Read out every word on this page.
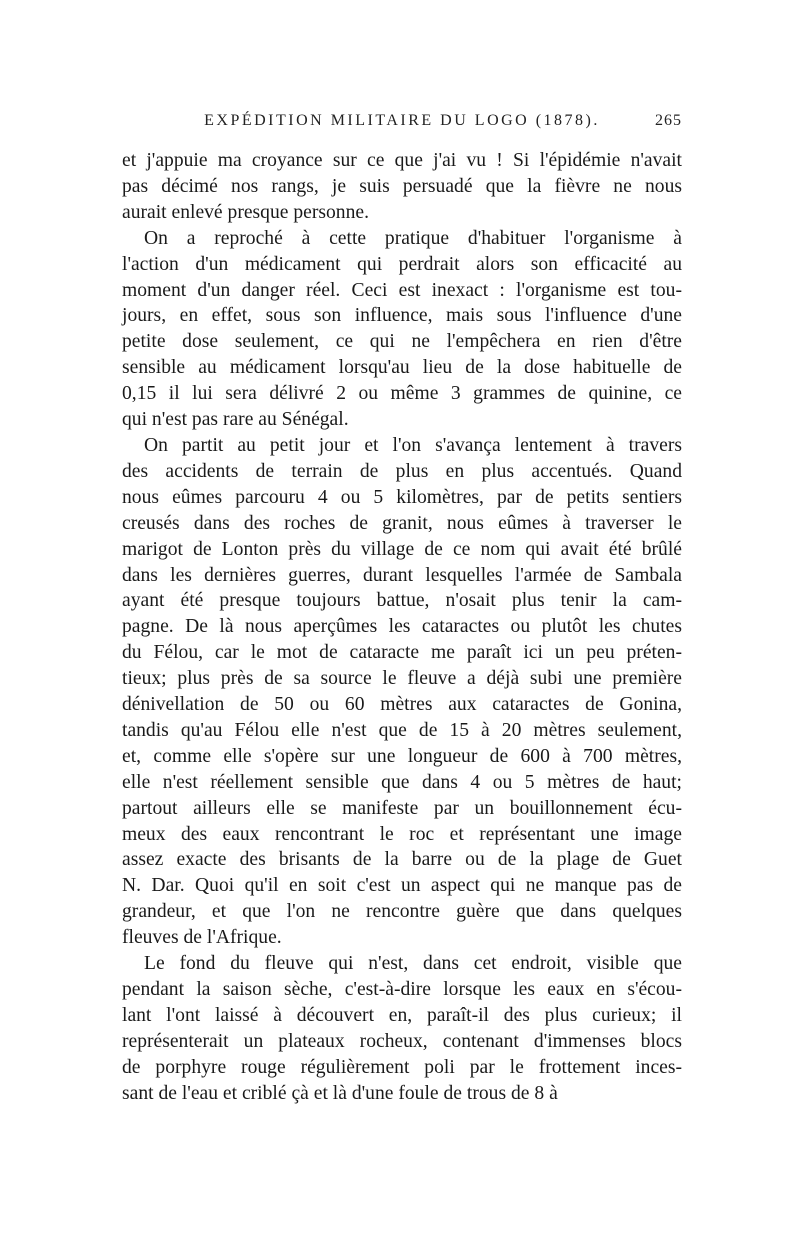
EXPÉDITION MILITAIRE DU LOGO (1878).	265

et j'appuie ma croyance sur ce que j'ai vu ! Si l'épidémie n'avait
pas décimé nos rangs, je suis persuadé que la fièvre ne nous
aurait enlevé presque personne.

On a reproché à cette pratique d'habituer l'organisme à
l'action d'un médicament qui perdrait alors son efficacité au
moment d'un danger réel. Ceci est inexact : l'organisme est tou-
jours, en effet, sous son influence, mais sous l'influence d'une
petite dose seulement, ce qui ne l'empêchera en rien d'être
sensible au médicament lorsqu'au lieu de la dose habituelle de
0,15 il lui sera délivré 2 ou même 3 grammes de quinine, ce
qui n'est pas rare au Sénégal.

On partit au petit jour et l'on s'avança lentement à travers
des accidents de terrain de plus en plus accentués. Quand
nous eûmes parcouru 4 ou 5 kilomètres, par de petits sentiers
creusés dans des roches de granit, nous eûmes à traverser le
marigot de Lonton près du village de ce nom qui avait été brûlé
dans les dernières guerres, durant lesquelles l'armée de Sambala
ayant été presque toujours battue, n'osait plus tenir la cam-
pagne. De là nous aperçûmes les cataractes ou plutôt les chutes
du Félou, car le mot de cataracte me paraît ici un peu préten-
tieux; plus près de sa source le fleuve a déjà subi une première
dénivellation de 50 ou 60 mètres aux cataractes de Gonina,
tandis qu'au Félou elle n'est que de 15 à 20 mètres seulement,
et, comme elle s'opère sur une longueur de 600 à 700 mètres,
elle n'est réellement sensible que dans 4 ou 5 mètres de haut;
partout ailleurs elle se manifeste par un bouillonnement écu-
meux des eaux rencontrant le roc et représentant une image
assez exacte des brisants de la barre ou de la plage de Guet
N. Dar. Quoi qu'il en soit c'est un aspect qui ne manque pas de
grandeur, et que l'on ne rencontre guère que dans quelques
fleuves de l'Afrique.

Le fond du fleuve qui n'est, dans cet endroit, visible que
pendant la saison sèche, c'est-à-dire lorsque les eaux en s'écou-
lant l'ont laissé à découvert en, paraît-il des plus curieux; il
représenterait un plateaux rocheux, contenant d'immenses blocs
de porphyre rouge régulièrement poli par le frottement inces-
sant de l'eau et criblé çà et là d'une foule de trous de 8 à
